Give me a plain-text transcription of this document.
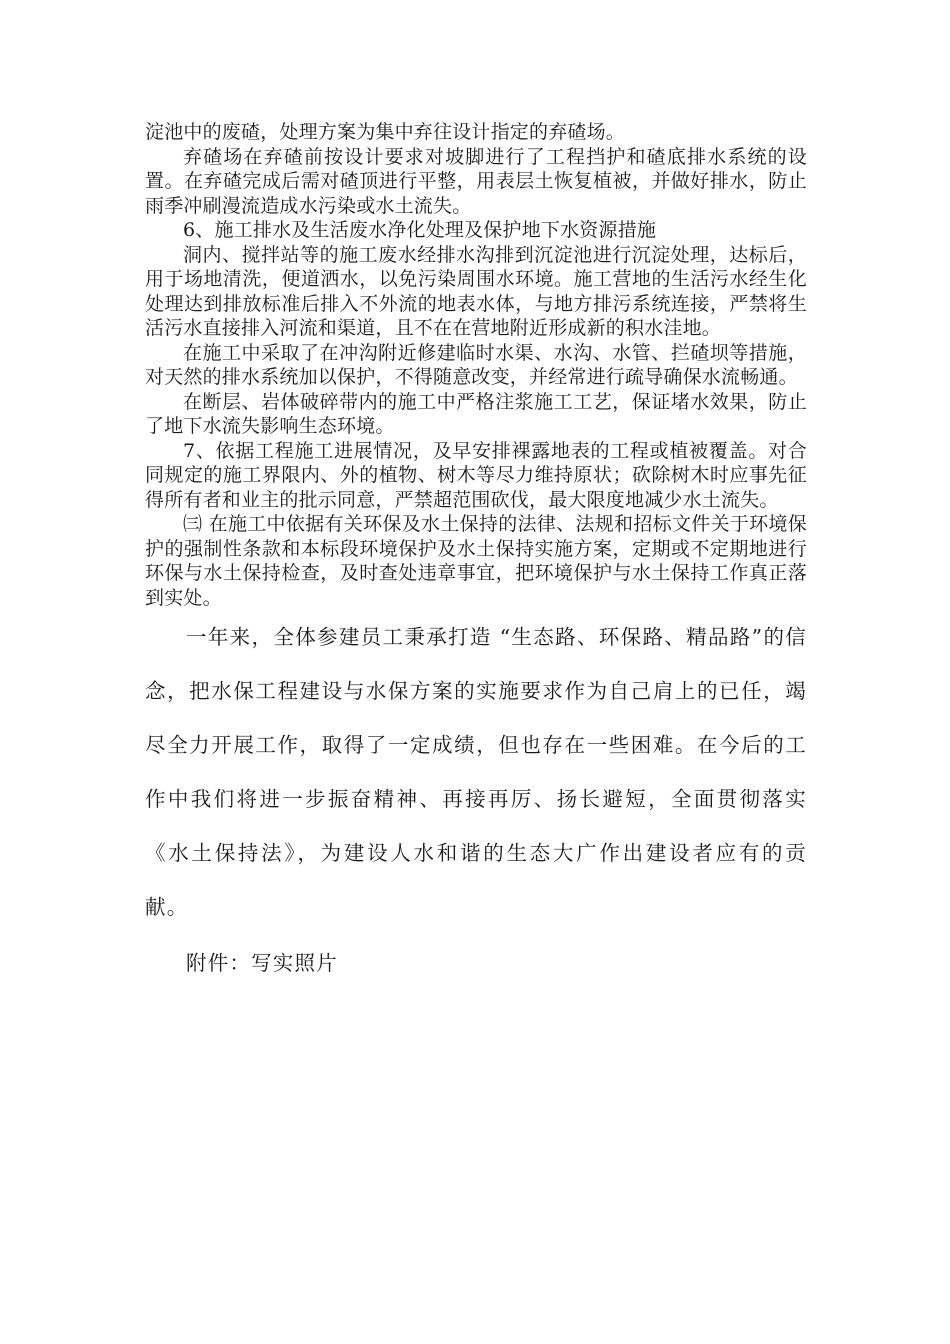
淀池中的废碴，处理方案为集中弃往设计指定的弃碴场。

弃碴场在弃碴前按设计要求对坡脚进行了工程挡护和碴底排水系统的设置。在弃碴完成后需对碴顶进行平整，用表层土恢复植被，并做好排水，防止雨季冲刷漫流造成水污染或水土流失。

6、施工排水及生活废水净化处理及保护地下水资源措施

洞内、搅拌站等的施工废水经排水沟排到沉淀池进行沉淀处理，达标后，用于场地清洗，便道洒水，以免污染周围水环境。施工营地的生活污水经生化处理达到排放标准后排入不外流的地表水体，与地方排污系统连接，严禁将生活污水直接排入河流和渠道，且不在在营地附近形成新的积水洼地。

在施工中采取了在冲沟附近修建临时水渠、水沟、水管、拦碴坝等措施，对天然的排水系统加以保护，不得随意改变，并经常进行疏导确保水流畅通。

在断层、岩体破碎带内的施工中严格注浆施工工艺，保证堵水效果，防止了地下水流失影响生态环境。

7、依据工程施工进展情况，及早安排裸露地表的工程或植被覆盖。对合同规定的施工界限内、外的植物、树木等尽力维持原状；砍除树木时应事先征得所有者和业主的批示同意，严禁超范围砍伐，最大限度地减少水土流失。

㈢ 在施工中依据有关环保及水土保持的法律、法规和招标文件关于环境保护的强制性条款和本标段环境保护及水土保持实施方案，定期或不定期地进行环保与水土保持检查，及时查处违章事宜，把环境保护与水土保持工作真正落到实处。

一年来，全体参建员工秉承打造 “生态路、环保路、精品路”的信念，把水保工程建设与水保方案的实施要求作为自己肩上的已任，竭尽全力开展工作，取得了一定成绩，但也存在一些困难。在今后的工作中我们将进一步振奋精神、再接再厉、扬长避短，全面贯彻落实《水土保持法》，为建设人水和谐的生态大广作出建设者应有的贡献。

附件：写实照片
